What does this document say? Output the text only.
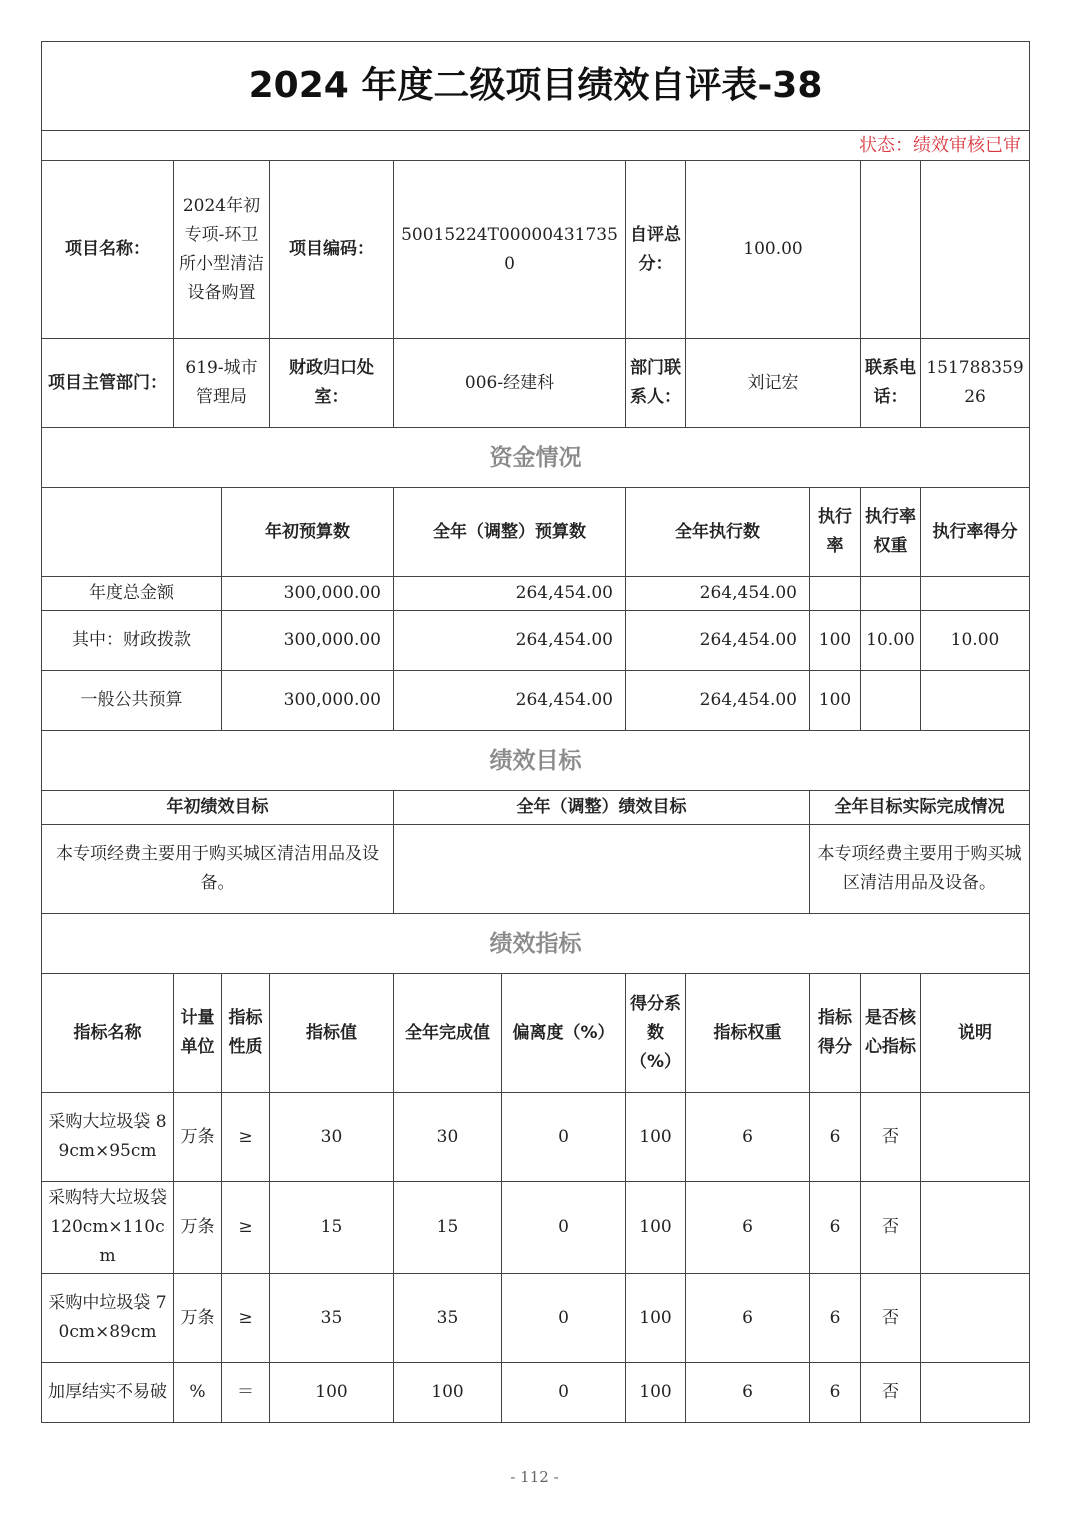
2024 年度二级项目绩效自评表-38										
状态：绩效审核已审										
项目名称：	2024年初专项-环卫所小型清洁设备购置		项目编码：	50015224T000004317350		自评总分：	100.00			
项目主管部门：	619-城市管理局		财政归口处室：	006-经建科		部门联系人：	刘记宏		联系电话：	15178835926
资金情况										
		年初预算数		全年（调整）预算数		全年执行数		执行率	执行率权重	执行率得分
年度总金额		300,000.00		264,454.00		264,454.00				
其中：财政拨款		300,000.00		264,454.00		264,454.00		100	10.00	10.00
一般公共预算		300,000.00		264,454.00		264,454.00		100		
绩效目标										
年初绩效目标				全年（调整）绩效目标				全年目标实际完成情况		
本专项经费主要用于购买城区清洁用品及设备。								本专项经费主要用于购买城区清洁用品及设备。		
绩效指标										
指标名称	计量单位	指标性质	指标值	全年完成值	偏离度（%）	得分系数（%）	指标权重	指标得分	是否核心指标	说明
采购大垃圾袋 89cm×95cm	万条	≥	30	30	0	100	6	6	否	
采购特大垃圾袋 120cm×110cm	万条	≥	15	15	0	100	6	6	否	
采购中垃圾袋 70cm×89cm	万条	≥	35	35	0	100	6	6	否	
加厚结实不易破	%	＝	100	100	0	100	6	6	否	
- 112 -
